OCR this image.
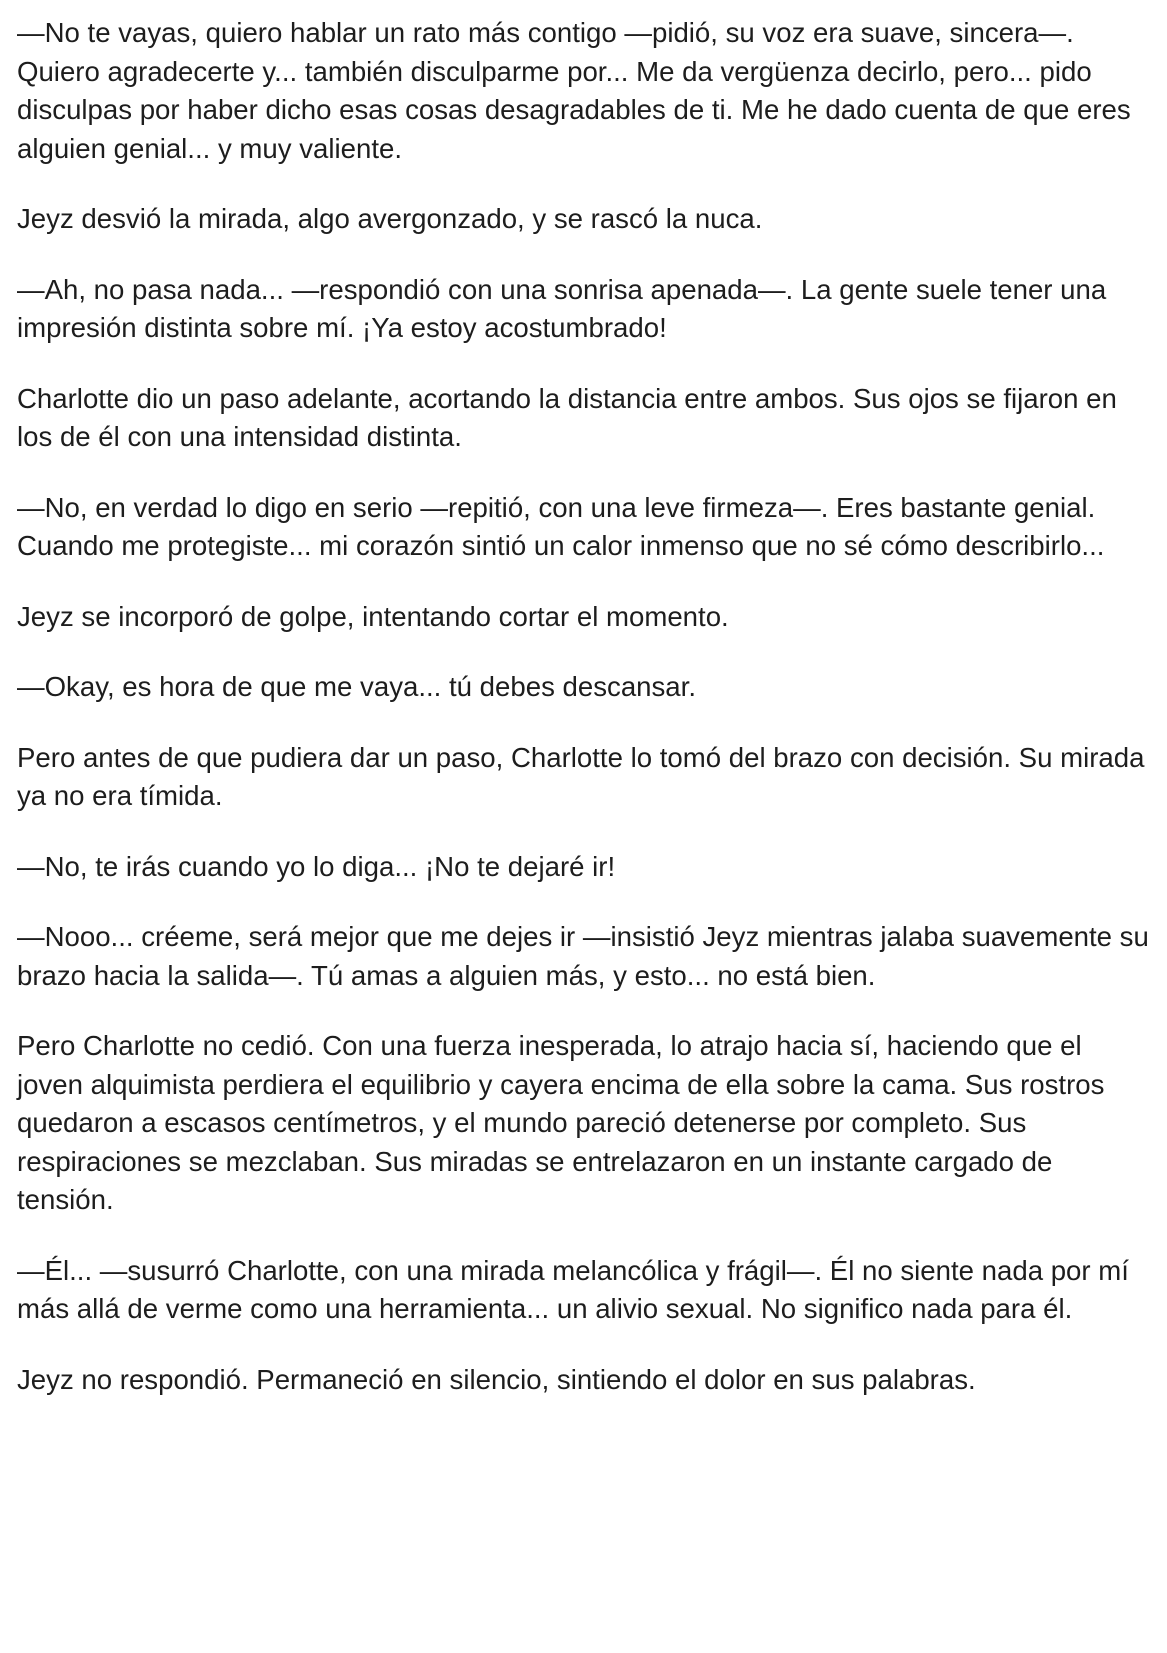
—No te vayas, quiero hablar un rato más contigo —pidió, su voz era suave, sincera—. Quiero agradecerte y... también disculparme por... Me da vergüenza decirlo, pero... pido disculpas por haber dicho esas cosas desagradables de ti. Me he dado cuenta de que eres alguien genial... y muy valiente.

Jeyz desvió la mirada, algo avergonzado, y se rascó la nuca.

—Ah, no pasa nada... —respondió con una sonrisa apenada—. La gente suele tener una impresión distinta sobre mí. ¡Ya estoy acostumbrado!

Charlotte dio un paso adelante, acortando la distancia entre ambos. Sus ojos se fijaron en los de él con una intensidad distinta.

—No, en verdad lo digo en serio —repitió, con una leve firmeza—. Eres bastante genial. Cuando me protegiste... mi corazón sintió un calor inmenso que no sé cómo describirlo...

Jeyz se incorporó de golpe, intentando cortar el momento.

—Okay, es hora de que me vaya... tú debes descansar.

Pero antes de que pudiera dar un paso, Charlotte lo tomó del brazo con decisión. Su mirada ya no era tímida.

—No, te irás cuando yo lo diga... ¡No te dejaré ir!

—Nooo... créeme, será mejor que me dejes ir —insistió Jeyz mientras jalaba suavemente su brazo hacia la salida—. Tú amas a alguien más, y esto... no está bien.

Pero Charlotte no cedió. Con una fuerza inesperada, lo atrajo hacia sí, haciendo que el joven alquimista perdiera el equilibrio y cayera encima de ella sobre la cama. Sus rostros quedaron a escasos centímetros, y el mundo pareció detenerse por completo. Sus respiraciones se mezclaban. Sus miradas se entrelazaron en un instante cargado de tensión.

—Él... —susurró Charlotte, con una mirada melancólica y frágil—. Él no siente nada por mí más allá de verme como una herramienta... un alivio sexual. No significo nada para él.

Jeyz no respondió. Permaneció en silencio, sintiendo el dolor en sus palabras.
